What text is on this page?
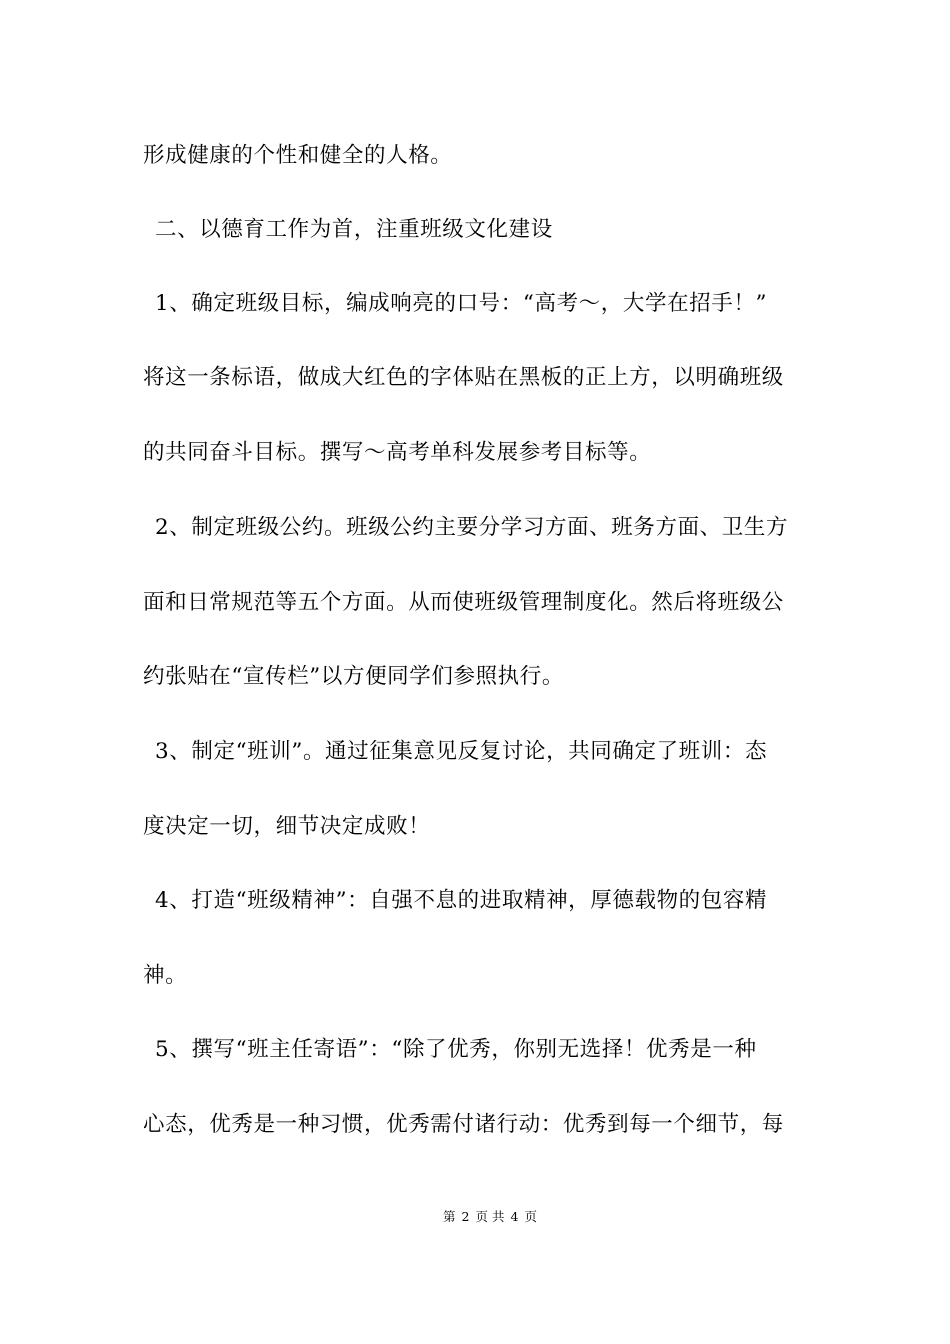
形成健康的个性和健全的人格。
二、以德育工作为首，注重班级文化建设
1、确定班级目标，编成响亮的口号：“高考～，大学在招手！”
将这一条标语，做成大红色的字体贴在黑板的正上方，以明确班级
的共同奋斗目标。撰写～高考单科发展参考目标等。
2、制定班级公约。班级公约主要分学习方面、班务方面、卫生方
面和日常规范等五个方面。从而使班级管理制度化。然后将班级公
约张贴在“宣传栏”以方便同学们参照执行。
3、制定“班训”。通过征集意见反复讨论，共同确定了班训：态
度决定一切，细节决定成败！
4、打造“班级精神”：自强不息的进取精神，厚德载物的包容精
神。
5、撰写“班主任寄语”：“除了优秀，你别无选择！优秀是一种
心态，优秀是一种习惯，优秀需付诸行动：优秀到每一个细节，每
第 2 页 共 4 页
